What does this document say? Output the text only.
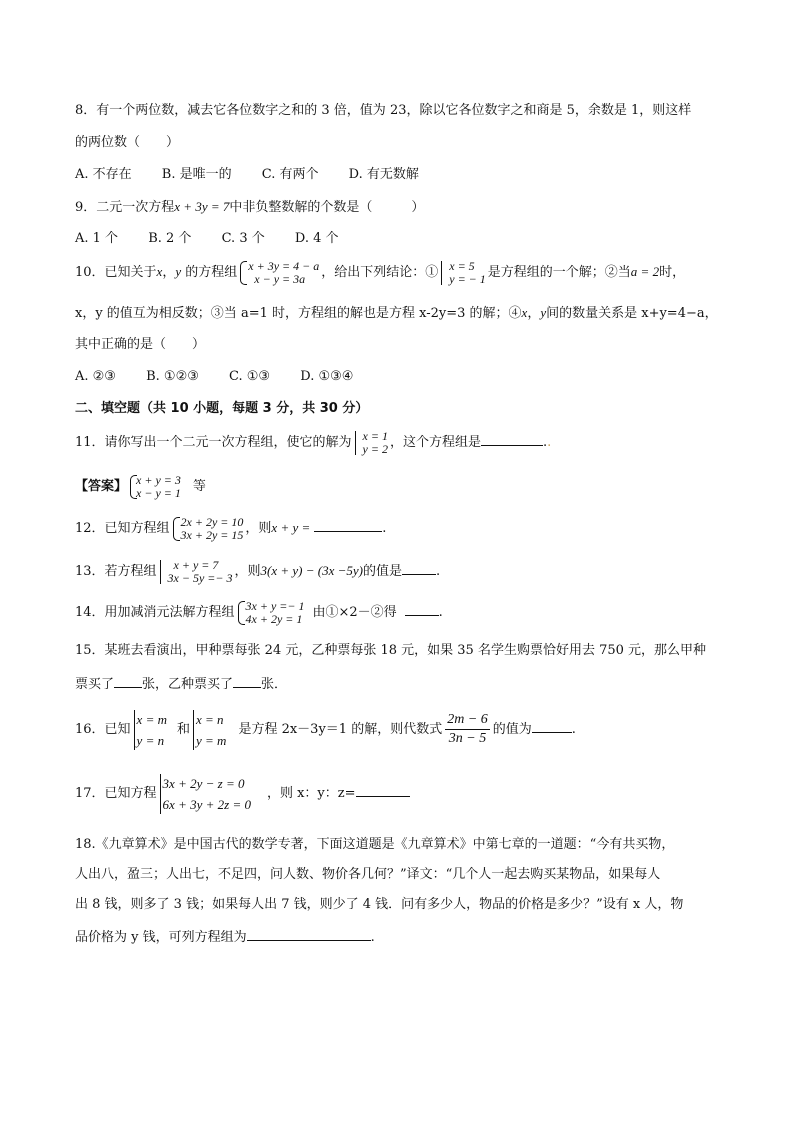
8．有一个两位数，减去它各位数字之和的 3 倍，值为 23，除以它各位数字之和商是 5，余数是 1，则这样
的两位数（　　）
A. 不存在 B. 是唯一的 C. 有两个 D. 有无数解
9．二元一次方程x + 3y = 7中非负整数解的个数是（　　　）
A. 1 个 B. 2 个 C. 3 个 D. 4 个
10．已知关于x，y 的方程组 x + 3y = 4 − a
x − y = 3a	，给出下列结论：① x = 5
y = − 1 是方程组的一个解；②当a = 2时，
x，y 的值互为相反数；③当 a=1 时，方程组的解也是方程 x-2y=3 的解；④x，y间的数量关系是 x+y=4−a，
其中正确的是（　　）
A. ②③ B. ①②③ C. ①③ D. ①③④
二、填空题（共 10 小题，每题 3 分，共 30 分）
11．请你写出一个二元一次方程组，使它的解为 x = 1
y = 2 ，这个方程组是	..
【答案】 x + y = 3
x − y = 1 等
12．已知方程组 2x + 2y = 10
3x + 2y = 15 ，则x + y =	.
13．若方程组	x + y = 7
3x − 5y =− 3 ，则3(x + y) − (3x −5y)的值是	.
14．用加减消元法解方程组 3x + y =− 1
4x + 2y = 1 由①×2－②得	.
15．某班去看演出，甲种票每张 24 元，乙种票每张 18 元，如果 35 名学生购票恰好用去 750 元，那么甲种
票买了 张，乙种票买了 张．
16．已知
x = m
y = n
和
x = n
y = m
是方程 2x－3y＝1 的解，则代数式 $\frac{2m - 6}{3n - 5}$ 的值为	.
17．已知方程
3x + 2y − z = 0
6x + 3y + 2z = 0
，则 x：y：z=
18.《九章算术》是中国古代的数学专著，下面这道题是《九章算术》中第七章的一道题：“今有共买物，
人出八，盈三；人出七，不足四，问人数、物价各几何？”译文：“几个人一起去购买某物品，如果每人
出 8 钱，则多了 3 钱；如果每人出 7 钱，则少了 4 钱．问有多少人，物品的价格是多少？”设有 x 人，物
品价格为 y 钱，可列方程组为	.
